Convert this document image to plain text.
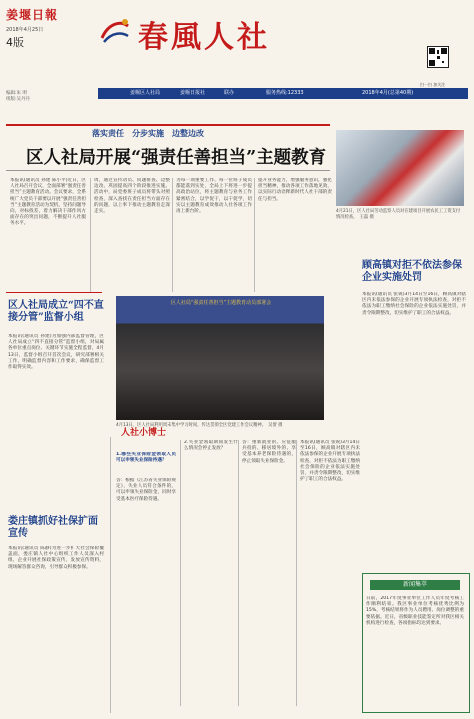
姜堰日報
2018年4月25日
4版
编辑:朱 明
组版:吴丹丹
春風人社
扫一扫 加关注
姜堰区人社局	姜堰日报社	联办	服务热线:12333	2018年4月(总第40期)
落实责任　分步实施　边整边改
区人社局开展“强责任善担当”主题教育
本报讯(通讯员 孙建 陈小平)近日，区人社局召开会议，全面部署“强责任善担当”主题教育活动。会议要求，全系统广大党员干部要以开展“强责任善担当”主题教育活动为契机，坚持问题导向，对标找差，着力解决干部作风方面存在的突出问题，不断提升人社服务水平。
周，通过宣传动员、问题排查、边整边改、巩固提高四个阶段推进实施。活动中，局党委班子成员将带头对照检查，深入查找在责任担当方面存在的问题，以上率下推动主题教育走深走实。
为每一项重要工作、每一位班子成员都能落到实处，全局上下将进一步提高政治站位，将主题教育与业务工作紧密结合，以学促干，以干促学，切实以主题教育成效推动人社各项工作再上新台阶。
提升业务能力，增强服务意识，强化担当精神，推动各项工作落地见效，以实际行动诠释新时代人社干部的责任与担当。
4月21日，区人社局劳动监察人员对在建项目开展农民工工资支付情况检查。　王磊 摄
区人社局“强责任善担当”主题教育动员部署会
4月13日，区人社局利用周末集中学习时间，传达贯彻全区党建工作会议精神。　吴蕾 摄
区人社局成立“四不直接分管”监督小组
本报讯(通讯员 孙建)为加强内部监督管理，区人社局成立“四不直接分管”监督小组，对局属各单位重点岗位、关键环节实施全程监督，4月13日，监督小组召开首次会议，研究部署相关工作，明确监督内容和工作要求，确保监督工作取得实效。
娄庄镇抓好社保扩面宣传
本报讯(通讯员 陈静)为进一步扩大社会保险覆盖面，娄庄镇人社中心组织工作人员深入村组、企业开展社保政策宣传，发放宣传资料，现场解答群众咨询，引导群众积极参保。
人社小博士
1.哪些失业保险金领取人员可以申领失业保险待遇？
答：根据《江苏省失业保险规定》，失业人员符合条件的，可以申领失业保险金，同时享受基本医疗保险待遇。
2.失业金领取期间发生什么情况会停止发放？
答：重新就业的、应征服兵役的、移居境外的、享受基本养老保险待遇的，停止领取失业保险金。
本报讯(通讯员 张锐)3月14日至16日，顾高镇对辖区内未依法参保的企业开展专项执法检查，对拒不依法为职工缴纳社会保险的企业依法实施处罚，并责令限期整改，切实维护了职工的合法权益。
顾高镇对拒不依法参保企业实施处罚
本报讯(通讯员 张锐)3月14日至16日，顾高镇对辖区内未依法参保的企业开展专项执法检查，对拒不依法为职工缴纳社会保险的企业依法实施处罚，并责令限期整改，切实维护了职工的合法权益。
新闻集萃
日前，2017年度事业单位工作人员年度考核工作顺利结束。我区事业单位考核优秀比例为15%，考核结果将作为人员聘用、岗位调整的重要依据。近日，省级职业技能鉴定所对我区相关机构进行检查，各项指标均达到要求。
